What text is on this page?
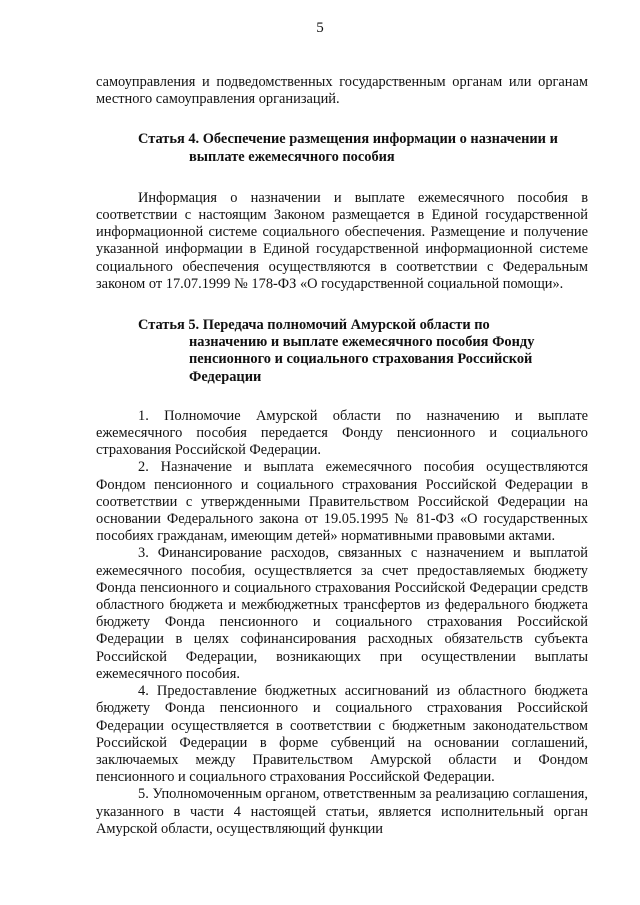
5

самоуправления и подведомственных государственным органам или органам местного самоуправления организаций.

Статья 4. Обеспечение размещения информации о назначении и
выплате ежемесячного пособия

Информация о назначении и выплате ежемесячного пособия в соответствии с настоящим Законом размещается в Единой государственной информационной системе социального обеспечения. Размещение и получение указанной информации в Единой государственной информационной системе социального обеспечения осуществляются в соответствии с Федеральным законом от 17.07.1999 № 178-ФЗ «О государственной социальной помощи».

Статья 5. Передача полномочий Амурской области по
назначению и выплате ежемесячного пособия Фонду
пенсионного и социального страхования Российской
Федерации

1. Полномочие Амурской области по назначению и выплате ежемесячного пособия передается Фонду пенсионного и социального страхования Российской Федерации.

2. Назначение и выплата ежемесячного пособия осуществляются Фондом пенсионного и социального страхования Российской Федерации в соответствии с утвержденными Правительством Российской Федерации на основании Федерального закона от 19.05.1995 № 81-ФЗ «О государственных пособиях гражданам, имеющим детей» нормативными правовыми актами.

3. Финансирование расходов, связанных с назначением и выплатой ежемесячного пособия, осуществляется за счет предоставляемых бюджету Фонда пенсионного и социального страхования Российской Федерации средств областного бюджета и межбюджетных трансфертов из федерального бюджета бюджету Фонда пенсионного и социального страхования Российской Федерации в целях софинансирования расходных обязательств субъекта Российской Федерации, возникающих при осуществлении выплаты ежемесячного пособия.

4. Предоставление бюджетных ассигнований из областного бюджета бюджету Фонда пенсионного и социального страхования Российской Федерации осуществляется в соответствии с бюджетным законодательством Российской Федерации в форме субвенций на основании соглашений, заключаемых между Правительством Амурской области и Фондом пенсионного и социального страхования Российской Федерации.

5. Уполномоченным органом, ответственным за реализацию соглашения, указанного в части 4 настоящей статьи, является исполнительный орган Амурской области, осуществляющий функции
